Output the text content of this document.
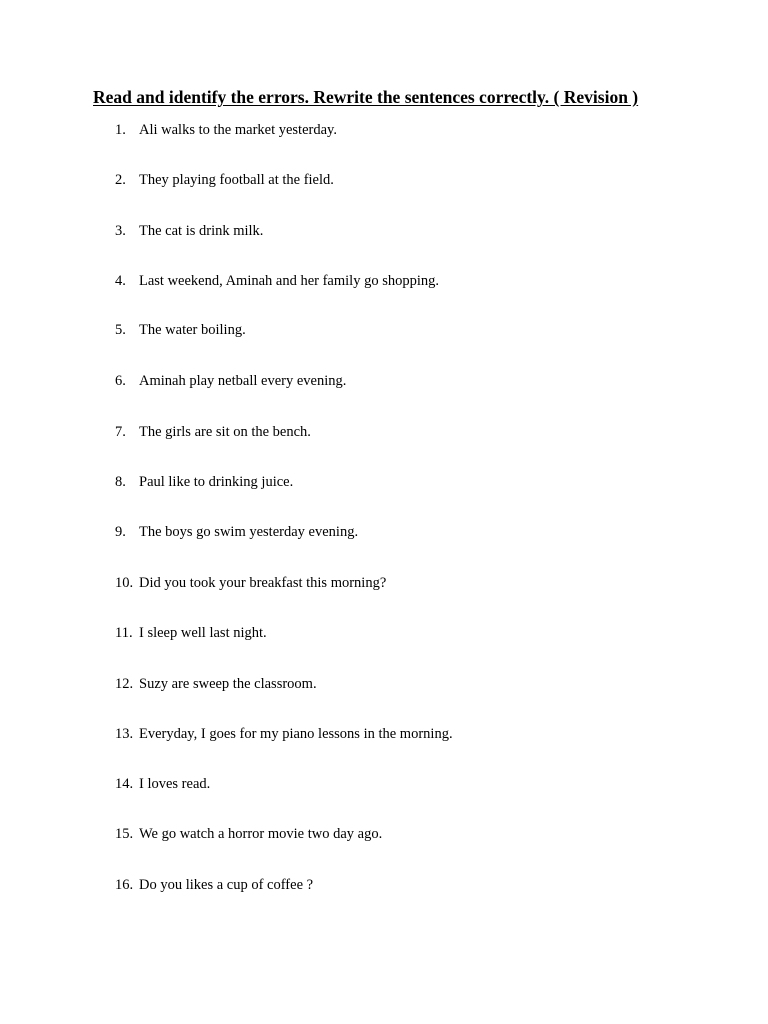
Read and identify the errors. Rewrite the sentences correctly. ( Revision )
1. Ali walks to the market yesterday.
2. They playing football at the field.
3. The cat is drink milk.
4. Last weekend, Aminah and her family go shopping.
5. The water boiling.
6. Aminah play netball every evening.
7. The girls are sit on the bench.
8. Paul like to drinking juice.
9. The boys go swim yesterday evening.
10. Did you took your breakfast this morning?
11. I sleep well last night.
12. Suzy are sweep the classroom.
13. Everyday, I goes for my piano lessons in the morning.
14. I loves read.
15. We go watch a horror movie two day ago.
16. Do you likes a cup of coffee ?
